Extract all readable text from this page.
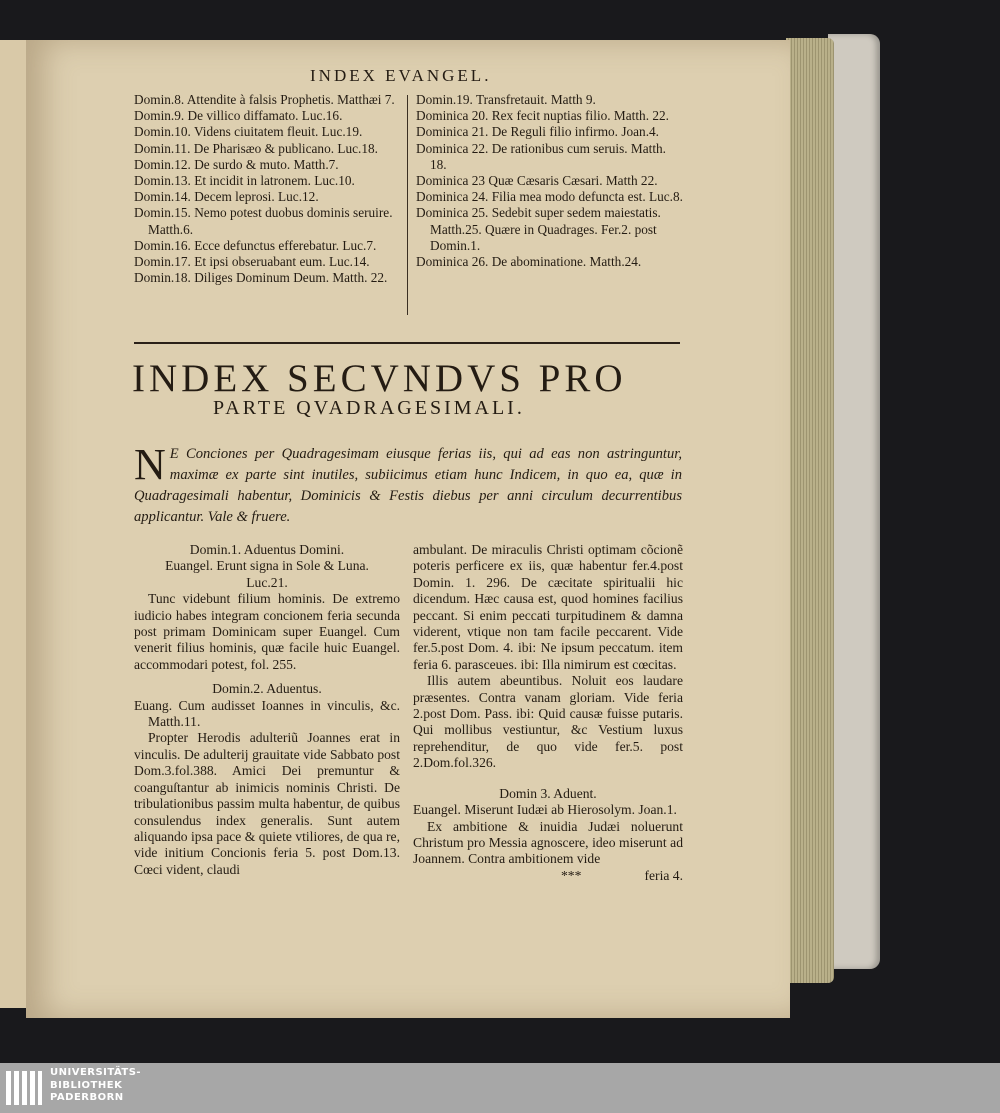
INDEX EVANGEL.
Domin.8. Attendite à falsis Prophetis. Matthæi 7.
Domin.9. De villico diffamato. Luc.16.
Domin.10. Videns ciuitatem fleuit. Luc.19.
Domin.11. De Pharisæo & publicano. Luc.18.
Domin.12. De surdo & muto. Matth.7.
Domin.13. Et incidit in latronem. Luc.10.
Domin.14. Decem leprosi. Luc.12.
Domin.15. Nemo potest duobus dominis seruire. Matth.6.
Domin.16. Ecce defunctus efferebatur. Luc.7.
Domin.17. Et ipsi obseruabant eum. Luc.14.
Domin.18. Diliges Dominum Deum. Matth. 22.
Domin.19. Transfretauit. Matth 9.
Dominica 20. Rex fecit nuptias filio. Matth. 22.
Dominica 21. De Reguli filio infirmo. Joan.4.
Dominica 22. De rationibus cum seruis. Matth. 18.
Dominica 23 Quæ Cæsaris Cæsari. Matth 22.
Dominica 24. Filia mea modo defuncta est. Luc.8.
Dominica 25. Sedebit super sedem maiestatis. Matth.25. Quære in Quadrages. Fer.2. post Domin.1.
Dominica 26. De abominatione. Matth.24.
INDEX SECVNDVS PRO
PARTE QVADRAGESIMALI.
N E Conciones per Quadragesimam eiusque ferias iis, qui ad eas non astringuntur, maximæ ex parte sint inutiles, subiicimus etiam hunc Indicem, in quo ea, quæ in Quadragesimali habentur, Dominicis & Festis diebus per anni circulum decurrentibus applicantur. Vale & fruere.

Domin.1. Aduentus Domini.

Euangel. Erunt signa in Sole & Luna.

Luc.21.

Tunc videbunt filium hominis. De extremo iudicio habes integram concionem feria secunda post primam Dominicam super Euangel. Cum venerit filius hominis, quæ facile huic Euangel. accommodari potest, fol. 255.

Domin.2. Aduentus.

Euang. Cum audisset Ioannes in vinculis, &c. Matth.11.

Propter Herodis adulteriũ Joannes erat in vinculis. De adulterij grauitate vide Sabbato post Dom.3.fol.388. Amici Dei premuntur & coanguſtantur ab inimicis nominis Christi. De tribulationibus passim multa habentur, de quibus consulendus index generalis. Sunt autem aliquando ipsa pace & quiete vtiliores, de qua re, vide initium Concionis feria 5. post Dom.13. Cœci vident, claudi

ambulant. De miraculis Christi optimam cõcionẽ poteris perficere ex iis, quæ habentur fer.4.post Domin. 1. 296. De cæcitate spiritualii hic dicendum. Hæc causa est, quod homines facilius peccant. Si enim peccati turpitudinem & damna viderent, vtique non tam facile peccarent. Vide fer.5.post Dom. 4. ibi: Ne ipsum peccatum. item feria 6. parasceues. ibi: Illa nimirum est cœcitas.

Illis autem abeuntibus. Noluit eos laudare præsentes. Contra vanam gloriam. Vide feria 2.post Dom. Pass. ibi: Quid causæ fuisse putaris. Qui mollibus vestiuntur, &c Vestium luxus reprehenditur, de quo vide fer.5. post 2.Dom.fol.326.

Domin 3. Aduent.

Euangel. Miserunt Iudæi ab Hierosolym. Joan.1.

Ex ambitione & inuidia Judæi noluerunt Christum pro Messia agnoscere, ideo miserunt ad Joannem. Contra ambitionem vide

***	feria 4.

UNIVERSITÄTS-
BIBLIOTHEK
PADERBORN
